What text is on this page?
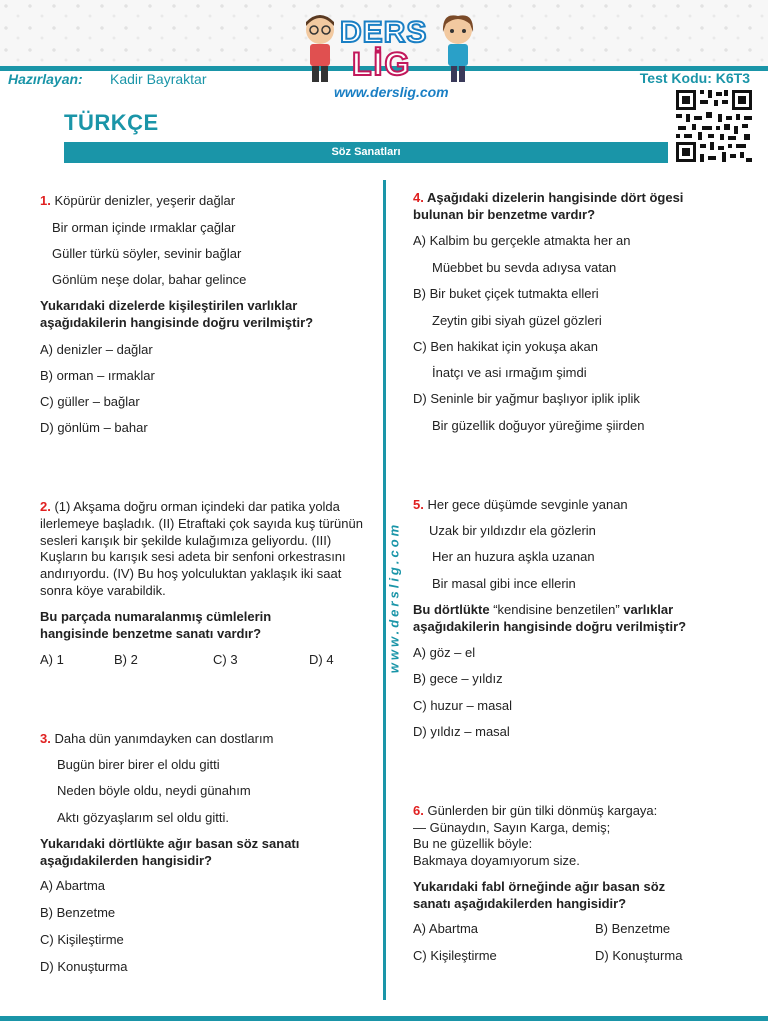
Hazırlayan: Kadir Bayraktar	Test Kodu: K6T3
DERS
LİG
www.derslig.com
TÜRKÇE
Söz Sanatları
www.derslig.com
1. Köpürür denizler, yeşerir dağlar
Bir orman içinde ırmaklar çağlar
Güller türkü söyler, sevinir bağlar
Gönlüm neşe dolar, bahar gelince
Yukarıdaki dizelerde kişileştirilen varlıklar
aşağıdakilerin hangisinde doğru verilmiştir?
A) denizler – dağlar
B) orman – ırmaklar
C) güller – bağlar
D) gönlüm – bahar
2. (1) Akşama doğru orman içindeki dar patika yolda ilerlemeye başladık. (II) Etraftaki çok sayıda kuş türünün sesleri karışık bir şekilde kulağımıza geliyordu. (III) Kuşların bu karışık sesi adeta bir senfoni orkestrasını andırıyordu. (IV) Bu hoş yolculuktan yaklaşık iki saat sonra köye varabildik.
Bu parçada numaralanmış cümlelerin
hangisinde benzetme sanatı vardır?
A) 1	B) 2	C) 3	D) 4
3. Daha dün yanımdayken can dostlarım
Bugün birer birer el oldu gitti
Neden böyle oldu, neydi günahım
Aktı gözyaşlarım sel oldu gitti.
Yukarıdaki dörtlükte ağır basan söz sanatı
aşağıdakilerden hangisidir?
A) Abartma
B) Benzetme
C) Kişileştirme
D) Konuşturma
4. Aşağıdaki dizelerin hangisinde dört ögesi
bulunan bir benzetme vardır?
A) Kalbim bu gerçekle atmakta her an
Müebbet bu sevda adıysa vatan
B) Bir buket çiçek tutmakta elleri
Zeytin gibi siyah güzel gözleri
C) Ben hakikat için yokuşa akan
İnatçı ve asi ırmağım şimdi
D) Seninle bir yağmur başlıyor iplik iplik
Bir güzellik doğuyor yüreğime şiirden
5. Her gece düşümde sevginle yanan
Uzak bir yıldızdır ela gözlerin
Her an huzura aşkla uzanan
Bir masal gibi ince ellerin
Bu dörtlükte “kendisine benzetilen” varlıklar
aşağıdakilerin hangisinde doğru verilmiştir?
A) göz – el
B) gece – yıldız
C) huzur – masal
D) yıldız – masal
6. Günlerden bir gün tilki dönmüş kargaya:
— Günaydın, Sayın Karga, demiş;
Bu ne güzellik böyle:
Bakmaya doyamıyorum size.
Yukarıdaki fabl örneğinde ağır basan söz
sanatı aşağıdakilerden hangisidir?
A) Abartma	B) Benzetme
C) Kişileştirme	D) Konuşturma
